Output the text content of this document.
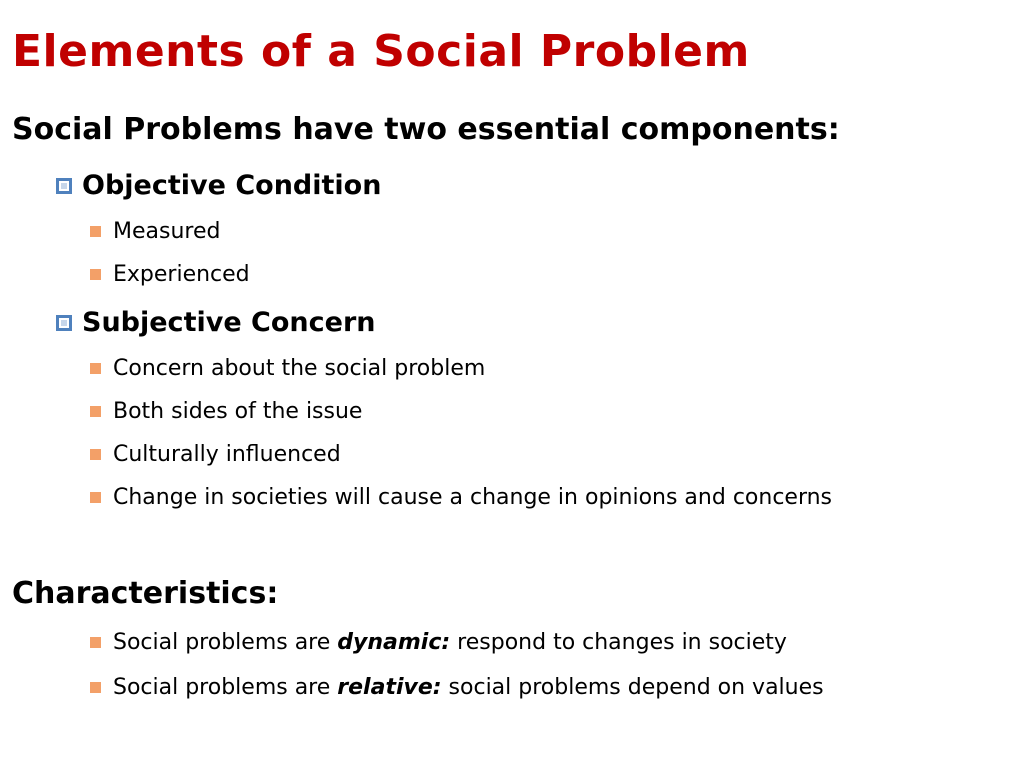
Elements of a Social Problem
Social Problems have two essential components:
Objective Condition
Measured
Experienced
Subjective Concern
Concern about the social problem
Both sides of the issue
Culturally influenced
Change in societies will cause a change in opinions and concerns
Characteristics:
Social problems are dynamic: respond to changes in society
Social problems are relative: social problems depend on values
